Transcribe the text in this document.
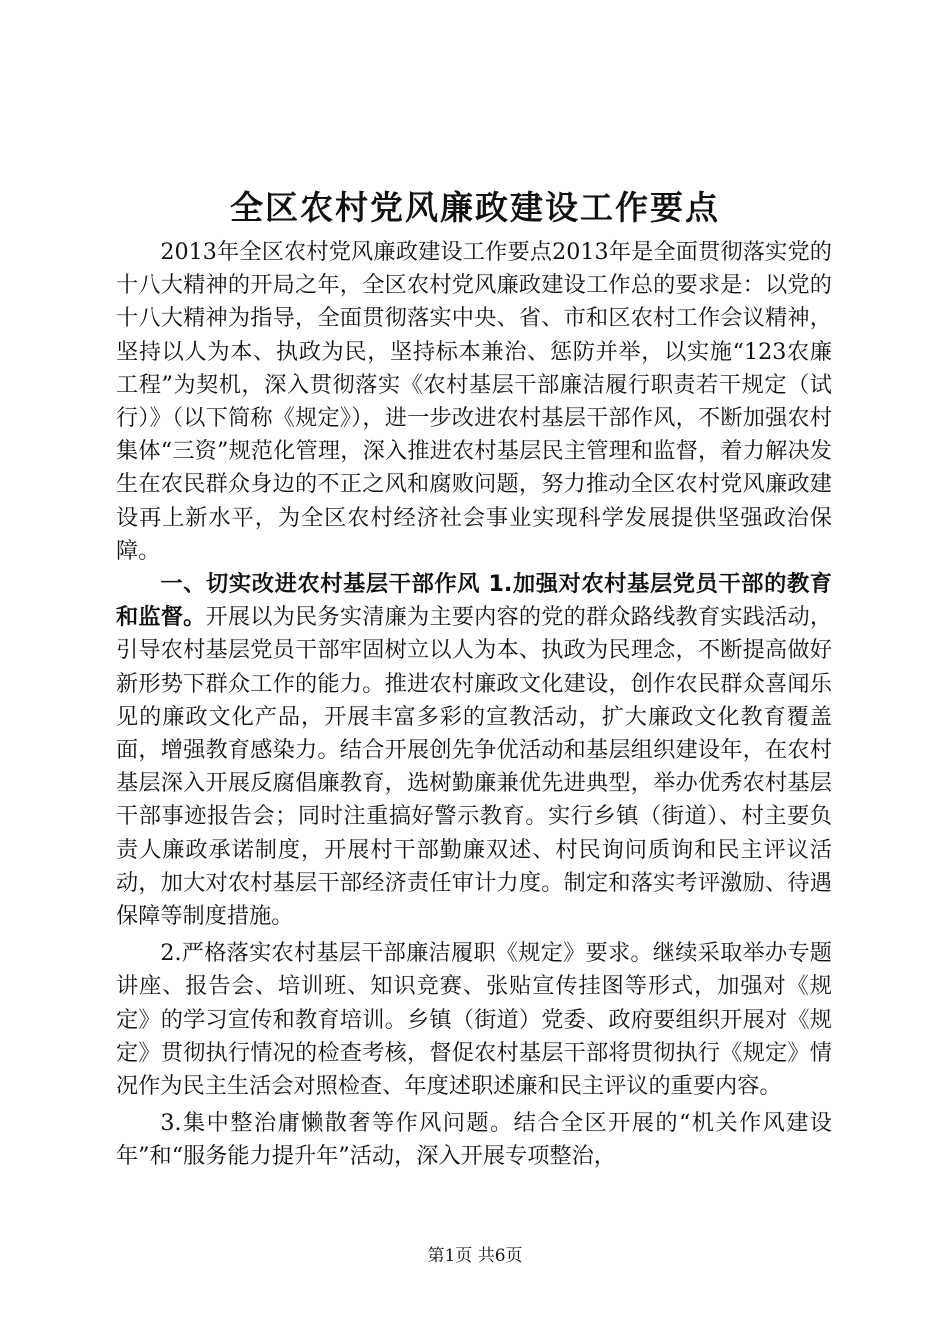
全区农村党风廉政建设工作要点

2013年全区农村党风廉政建设工作要点2013年是全面贯彻落实党的十八大精神的开局之年，全区农村党风廉政建设工作总的要求是：以党的十八大精神为指导，全面贯彻落实中央、省、市和区农村工作会议精神，坚持以人为本、执政为民，坚持标本兼治、惩防并举，以实施“123农廉工程”为契机，深入贯彻落实《农村基层干部廉洁履行职责若干规定（试行）》（以下简称《规定》），进一步改进农村基层干部作风，不断加强农村集体“三资”规范化管理，深入推进农村基层民主管理和监督，着力解决发生在农民群众身边的不正之风和腐败问题，努力推动全区农村党风廉政建设再上新水平，为全区农村经济社会事业实现科学发展提供坚强政治保障。

一、切实改进农村基层干部作风 1.加强对农村基层党员干部的教育和监督。开展以为民务实清廉为主要内容的党的群众路线教育实践活动，引导农村基层党员干部牢固树立以人为本、执政为民理念，不断提高做好新形势下群众工作的能力。推进农村廉政文化建设，创作农民群众喜闻乐见的廉政文化产品，开展丰富多彩的宣教活动，扩大廉政文化教育覆盖面，增强教育感染力。结合开展创先争优活动和基层组织建设年，在农村基层深入开展反腐倡廉教育，选树勤廉兼优先进典型，举办优秀农村基层干部事迹报告会；同时注重搞好警示教育。实行乡镇（街道）、村主要负责人廉政承诺制度，开展村干部勤廉双述、村民询问质询和民主评议活动，加大对农村基层干部经济责任审计力度。制定和落实考评激励、待遇保障等制度措施。

2.严格落实农村基层干部廉洁履职《规定》要求。继续采取举办专题讲座、报告会、培训班、知识竞赛、张贴宣传挂图等形式，加强对《规定》的学习宣传和教育培训。乡镇（街道）党委、政府要组织开展对《规定》贯彻执行情况的检查考核，督促农村基层干部将贯彻执行《规定》情况作为民主生活会对照检查、年度述职述廉和民主评议的重要内容。

3.集中整治庸懒散奢等作风问题。结合全区开展的“机关作风建设年”和“服务能力提升年”活动，深入开展专项整治，

第1页 共6页
